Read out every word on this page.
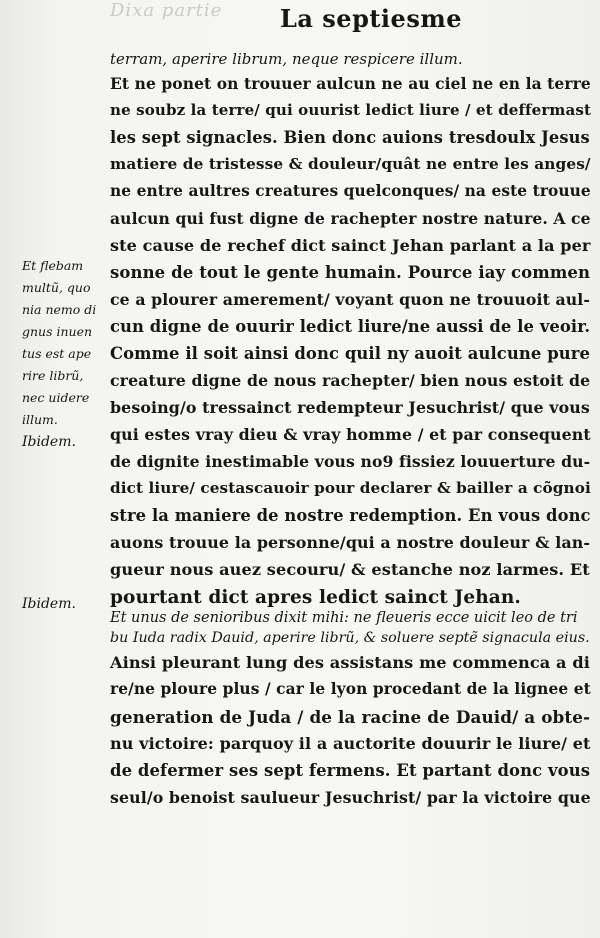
Dixa partie La septiesme
terram, aperire librum, neque respicere illum.
Et ne ponet on trouuer aulcun ne au ciel ne en la terre
ne soubz la terre/ qui ouurist ledict liure / et deffermast
les sept signacles. Bien donc auions tresdoulx Jesus
matiere de tristesse & douleur/quât ne entre les anges/
ne entre aultres creatures quelconques/ na este trouue
aulcun qui fust digne de rachepter nostre nature. A ce
ste cause de rechef dict sainct Jehan parlant a la per
sonne de tout le gente humain. Pource iay commen
ce a plourer amerement/ voyant quon ne trouuoit aul-
cun digne de ouurir ledict liure/ne aussi de le veoir.
Comme il soit ainsi donc quil ny auoit aulcune pure
creature digne de nous rachepter/ bien nous estoit de
besoing/o tressainct redempteur Jesuchrist/ que vous
qui estes vray dieu & vray homme / et par consequent
de dignite inestimable vous no9 fissiez louuerture du-
dict liure/ cestascauoir pour declarer & bailler a cõgnoi
stre la maniere de nostre redemption. En vous donc
auons trouue la personne/qui a nostre douleur & lan-
gueur nous auez secouru/ & estanche noz larmes. Et
pourtant dict apres ledict sainct Jehan.
Et unus de senioribus dixit mihi: ne fleueris ecce uicit leo de tri
bu Iuda radix Dauid, aperire librũ, & soluere septẽ signacula eius.
Ainsi pleurant lung des assistans me commenca a di
re/ne ploure plus / car le lyon procedant de la lignee et
generation de Juda / de la racine de Dauid/ a obte-
nu victoire: parquoy il a auctorite douurir le liure/ et
de defermer ses sept fermens. Et partant donc vous
seul/o benoist saulueur Jesuchrist/ par la victoire que
Et flebam
multũ, quo
nia nemo di
gnus inuen
tus est ape
rire librũ,
nec uidere
illum.
Ibidem.
Ibidem.
